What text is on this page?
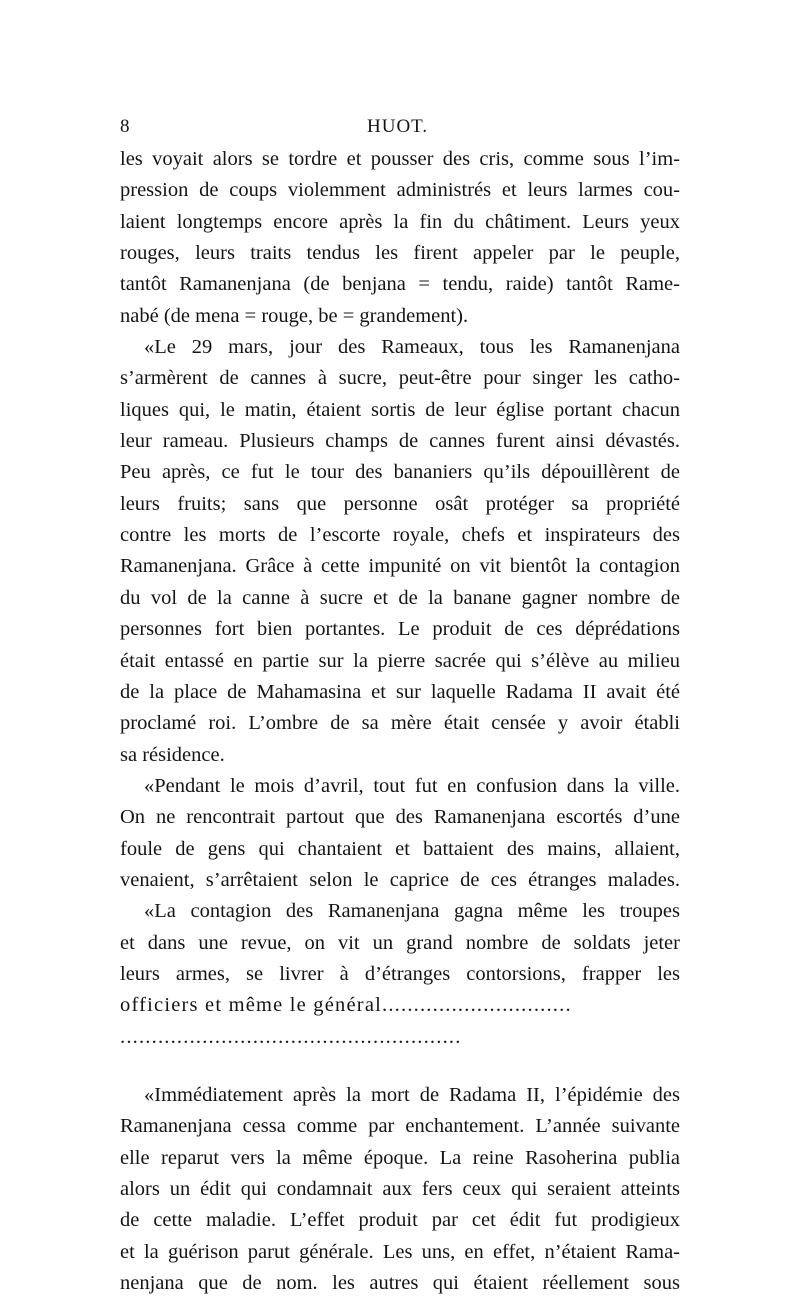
8	HUOT.
les voyait alors se tordre et pousser des cris, comme sous l’im-
pression de coups violemment administrés et leurs larmes cou-
laient longtemps encore après la fin du châtiment. Leurs yeux
rouges, leurs traits tendus les firent appeler par le peuple,
tantôt Ramanenjana (de benjana = tendu, raide) tantôt Rame-
nabé (de mena = rouge, be = grandement).
«Le 29 mars, jour des Rameaux, tous les Ramanenjana
s’armèrent de cannes à sucre, peut-être pour singer les catho-
liques qui, le matin, étaient sortis de leur église portant chacun
leur rameau. Plusieurs champs de cannes furent ainsi dévastés.
Peu après, ce fut le tour des bananiers qu’ils dépouillèrent de
leurs fruits; sans que personne osât protéger sa propriété
contre les morts de l’escorte royale, chefs et inspirateurs des
Ramanenjana. Grâce à cette impunité on vit bientôt la contagion
du vol de la canne à sucre et de la banane gagner nombre de
personnes fort bien portantes. Le produit de ces déprédations
était entassé en partie sur la pierre sacrée qui s’élève au milieu
de la place de Mahamasina et sur laquelle Radama II avait été
proclamé roi. L’ombre de sa mère était censée y avoir établi
sa résidence.
«Pendant le mois d’avril, tout fut en confusion dans la ville.
On ne rencontrait partout que des Ramanenjana escortés d’une
foule de gens qui chantaient et battaient des mains, allaient,
venaient, s’arrêtaient selon le caprice de ces étranges malades.
«La contagion des Ramanenjana gagna même les troupes
et dans une revue, on vit un grand nombre de soldats jeter
leurs armes, se livrer à d’étranges contorsions, frapper les
officiers et même le général..............................
......................................................
«Immédiatement après la mort de Radama II, l’épidémie des
Ramanenjana cessa comme par enchantement. L’année suivante
elle reparut vers la même époque. La reine Rasoherina publia
alors un édit qui condamnait aux fers ceux qui seraient atteints
de cette maladie. L’effet produit par cet édit fut prodigieux
et la guérison parut générale. Les uns, en effet, n’étaient Rama-
nenjana que de nom. les autres qui étaient réellement sous
